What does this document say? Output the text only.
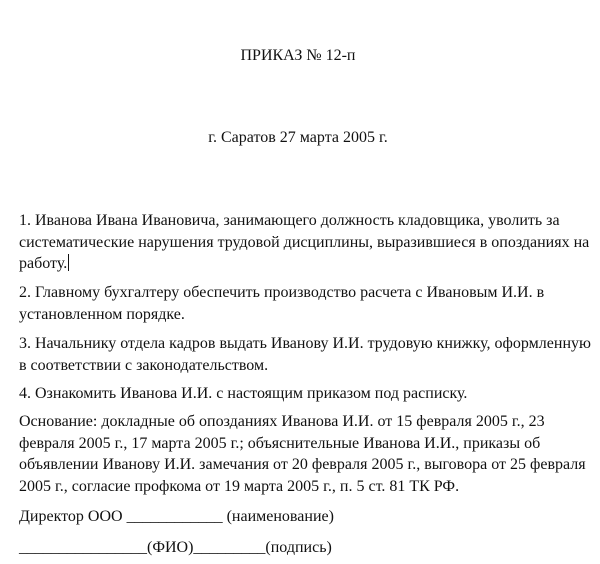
ПРИКАЗ № 12-п
г. Саратов 27 марта 2005 г.

1. Иванова Ивана Ивановича, занимающего должность кладовщика, уволить за систематические нарушения трудовой дисциплины, выразившиеся в опозданиях на работу.

2. Главному бухгалтеру обеспечить производство расчета с Ивановым И.И. в установленном порядке.

3. Начальнику отдела кадров выдать Иванову И.И. трудовую книжку, оформленную в соответствии с законодательством.

4. Ознакомить Иванова И.И. с настоящим приказом под расписку.

Основание: докладные об опозданиях Иванова И.И. от 15 февраля 2005 г., 23 февраля 2005 г., 17 марта 2005 г.; объяснительные Иванова И.И., приказы об объявлении Иванову И.И. замечания от 20 февраля 2005 г., выговора от 25 февраля 2005 г., согласие профкома от 19 марта 2005 г., п. 5 ст. 81 ТК РФ.

Директор ООО ____________ (наименование)

________________(ФИО)_________(подпись)
